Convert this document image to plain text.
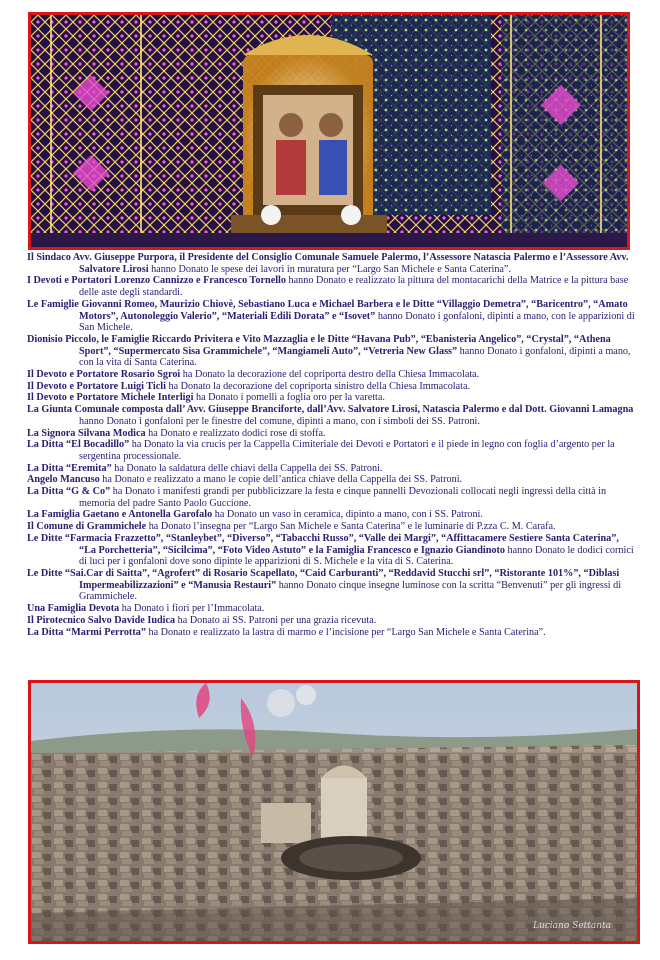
Il Sindaco Avv. Giuseppe Purpora, il Presidente del Consiglio Comunale Samuele Palermo, l’Assessore Natascia Palermo e l’Assessore Avv. Salvatore Lirosi hanno Donato le spese dei lavori in muratura per “Largo San Michele e Santa Caterina”.

I Devoti e Portatori Lorenzo Cannizzo e Francesco Tornello hanno Donato e realizzato la pittura del montacarichi della Matrice e la pittura base delle aste degli standardi.

Le Famiglie Giovanni Romeo, Maurizio Chiovè, Sebastiano Luca e Michael Barbera e le Ditte “Villaggio Demetra”, “Baricentro”, “Amato Motors”, Autonoleggio Valerio”, “Materiali Edili Dorata” e “Isovet” hanno Donato i gonfaloni, dipinti a mano, con le apparizioni di San Michele.

Dionisio Piccolo, le Famiglie Riccardo Privitera e Vito Mazzaglia e le Ditte “Havana Pub”, “Ebanisteria Angelico”, “Crystal”, “Athena Sport”, “Supermercato Sisa Grammichele”, “Mangiameli Auto”, “Vetreria New Glass” hanno Donato i gonfaloni, dipinti a mano, con la vita di Santa Caterina.

Il Devoto e Portatore Rosario Sgroi ha Donato la decorazione del copriporta destro della Chiesa Immacolata.

Il Devoto e Portatore Luigi Ticli ha Donato la decorazione del copriporta sinistro della Chiesa Immacolata.

Il Devoto e Portatore Michele Interligi ha Donato i pomelli a foglia oro per la varetta.

La Giunta Comunale composta dall’ Avv. Giuseppe Branciforte, dall’Avv. Salvatore Lirosi, Natascia Palermo e dal Dott. Giovanni Lamagna hanno Donato i gonfaloni per le finestre del comune, dipinti a mano, con i simboli dei SS. Patroni.

La Signora Silvana Modica ha Donato e realizzato dodici rose di stoffa.

La Ditta “El Bocadillo” ha Donato la via crucis per la Cappella Cimiteriale dei Devoti e Portatori e il piede in legno con foglia d’argento per la sergentina processionale.

La Ditta “Eremita” ha Donato la saldatura delle chiavi della Cappella dei SS. Patroni.

Angelo Mancuso ha Donato e realizzato a mano le copie dell’antica chiave della Cappella dei SS. Patroni.

La Ditta “G & Co” ha Donato i manifesti grandi per pubblicizzare la festa e cinque pannelli Devozionali collocati negli ingressi della città in memoria del padre Santo Paolo Guccione.

La Famiglia Gaetano e Antonella Garofalo ha Donato un vaso in ceramica, dipinto a mano, con i SS. Patroni.

Il Comune di Grammichele ha Donato l’insegna per “Largo San Michele e Santa Caterina” e le luminarie di P.zza C. M. Carafa.

Le Ditte “Farmacia Frazzetto”, “Stanleybet”, “Diverso”, “Tabacchi Russo”, “Valle dei Margi”, “Affittacamere Sestiere Santa Caterina”, “La Porchetteria”, “Sicilcima”, “Foto Video Astuto” e la Famiglia Francesco e Ignazio Giandinoto hanno Donato le dodici cornici di luci per i gonfaloni dove sono dipinte le apparizioni di S. Michele e la vita di S. Caterina.

Le Ditte “Sai.Car di Saitta”, “Agrofert” di Rosario Scapellato, “Caid Carburanti”, “Reddavid Stucchi srl”, “Ristorante 101%”, “Diblasi Impermeabilizzazioni” e “Manusia Restauri” hanno Donato cinque insegne luminose con la scritta “Benvenuti” per gli ingressi di Grammichele.

Una Famiglia Devota ha Donato i fiori per l’Immacolata.

Il Pirotecnico Salvo Davide Iudica ha Donato ai SS. Patroni per una grazia ricevuta.

La Ditta “Marmi Perrotta” ha Donato e realizzato la lastra di marmo e l’incisione per “Largo San Michele e Santa Caterina”.

Luciano Settanta
